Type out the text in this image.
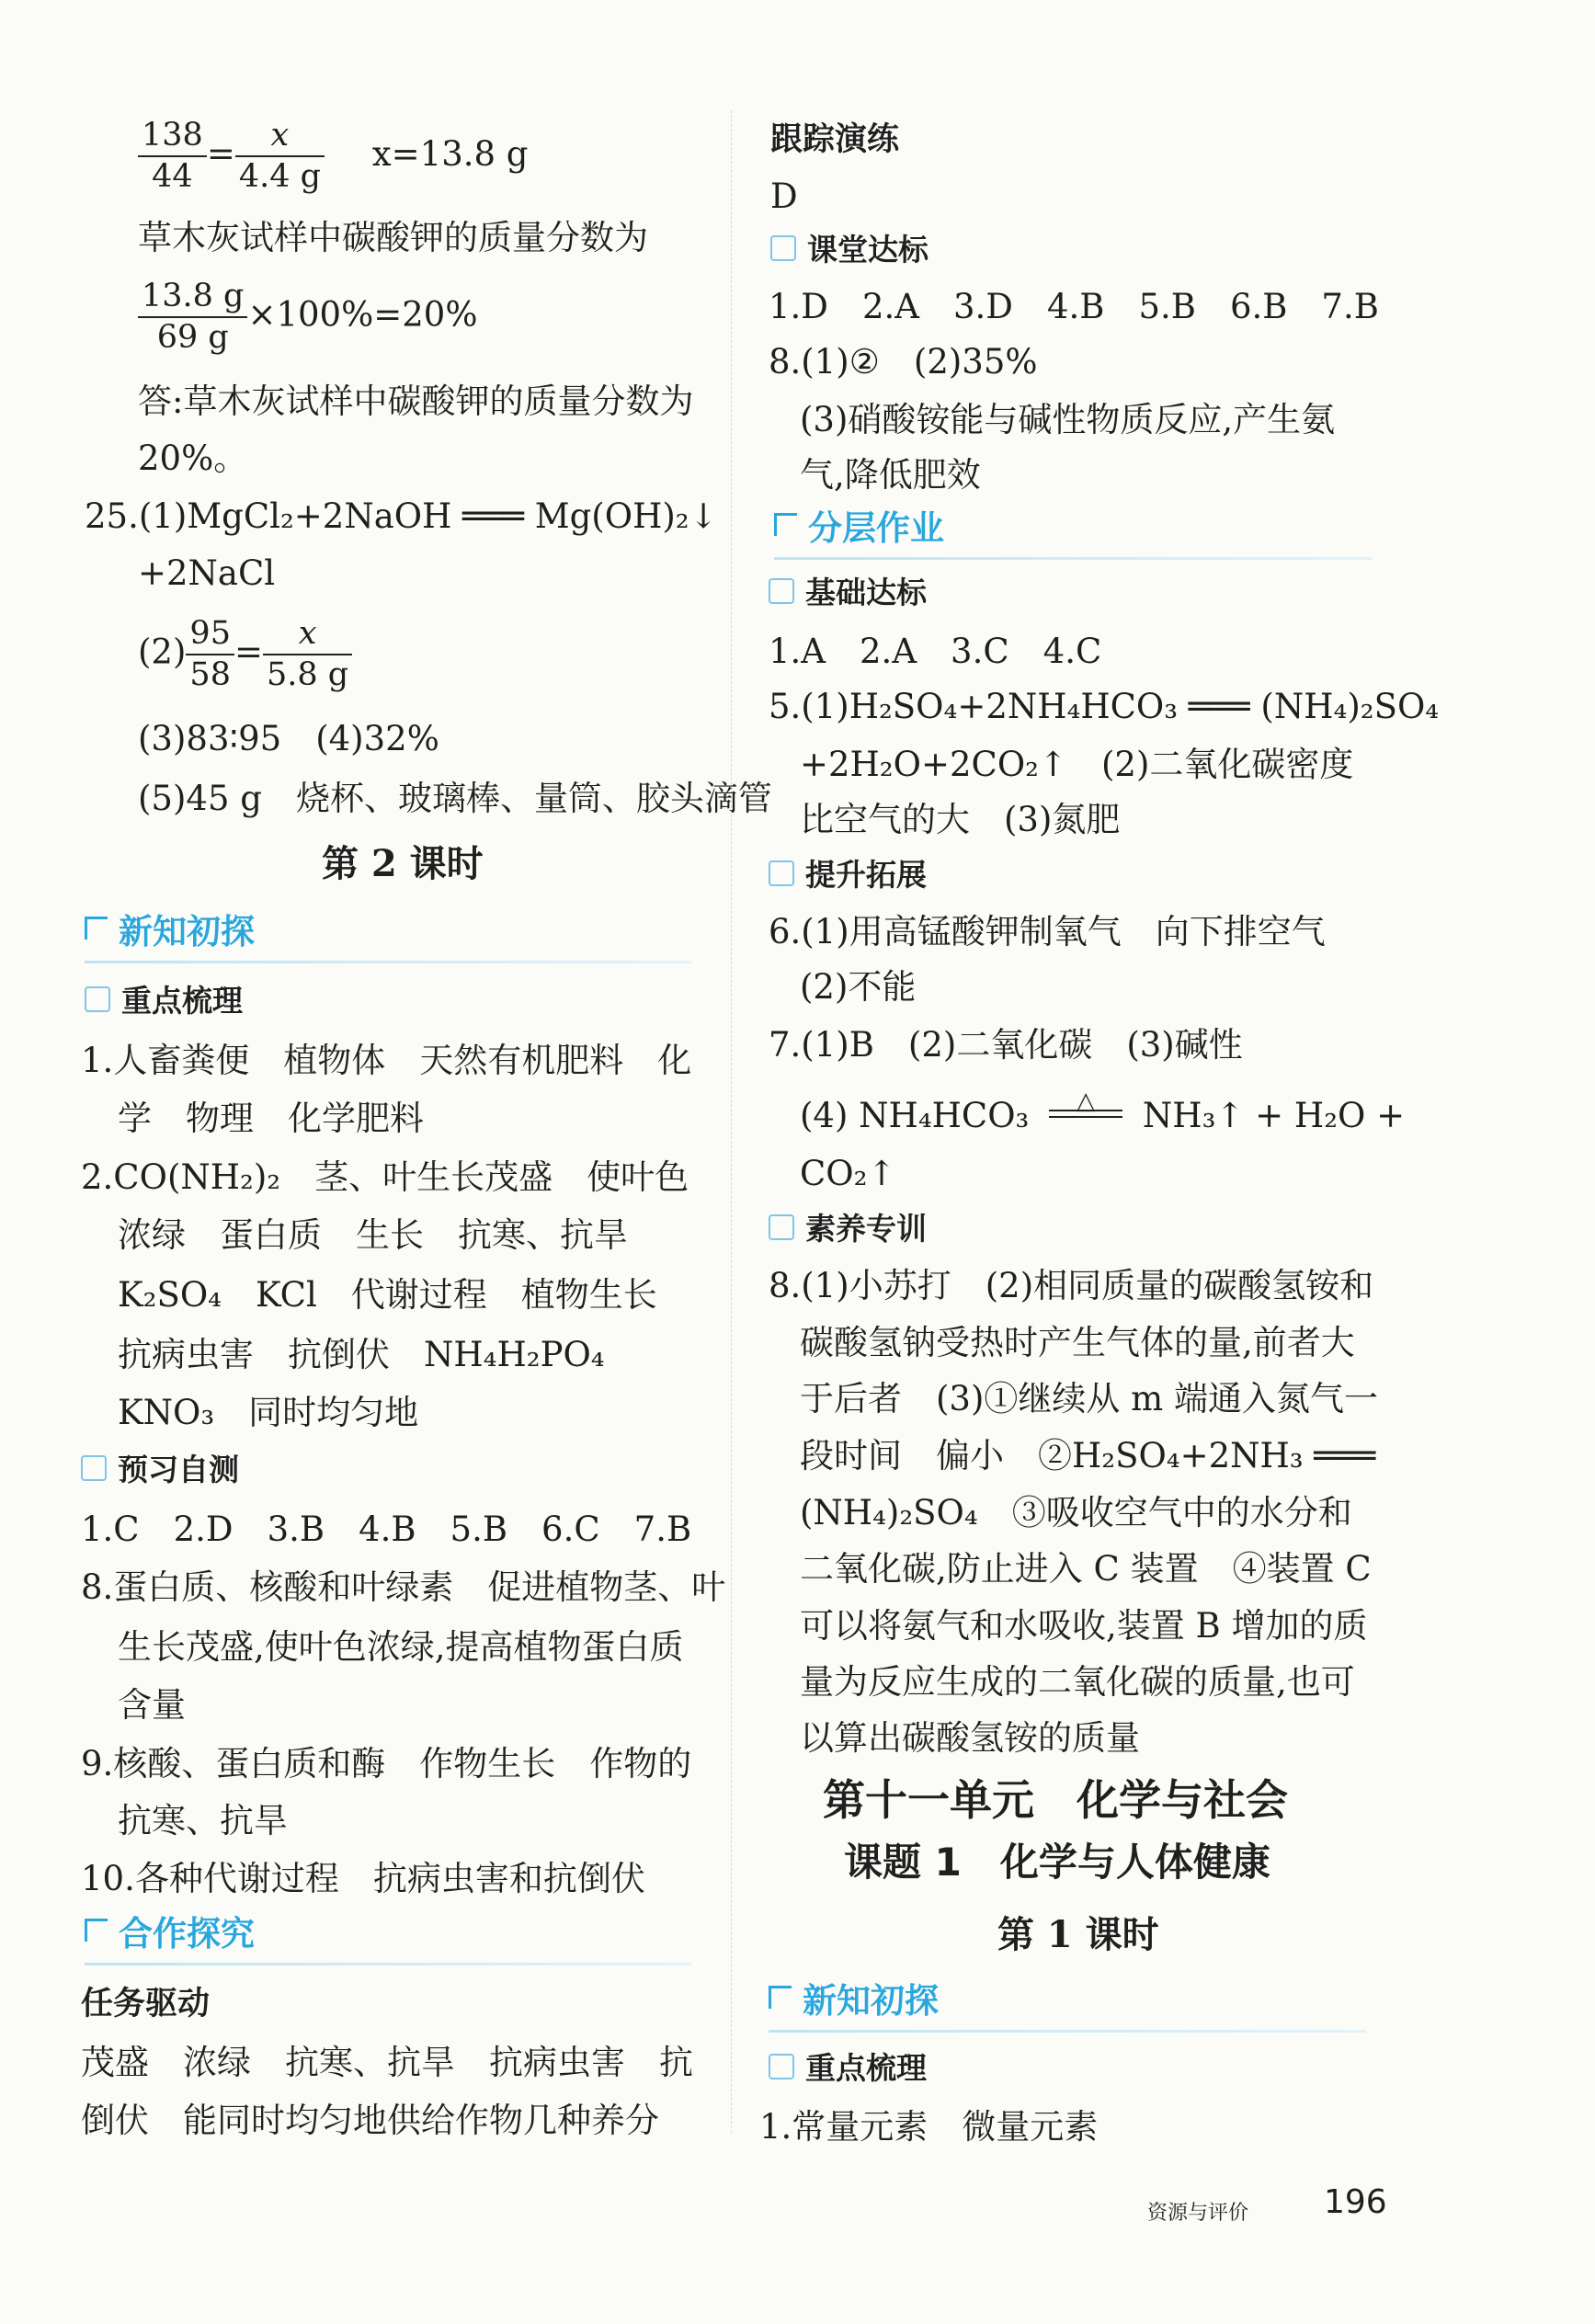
$\frac{138}{44} = \frac{x}{4.4 g} x=13.8$ g
草木灰试样中碳酸钾的质量分数为
$\frac{13.8 g}{69 g} \times 100\%=20\%$
答:草木灰试样中碳酸钾的质量分数为
20%。
25.(1)MgCl₂+2NaOH ═══ Mg(OH)₂↓
+2NaCl
$(2) \frac{95}{58} = \frac{x}{5.8 g}$
(3)83∶95　(4)32%
(5)45 g　烧杯、玻璃棒、量筒、胶头滴管
第 2 课时
新知初探
重点梳理
1.人畜粪便　植物体　天然有机肥料　化
学　物理　化学肥料
2.CO(NH₂)₂　茎、叶生长茂盛　使叶色
浓绿　蛋白质　生长　抗寒、抗旱
K₂SO₄　KCl　代谢过程　植物生长
抗病虫害　抗倒伏　NH₄H₂PO₄
KNO₃　同时均匀地
预习自测
1.C　2.D　3.B　4.B　5.B　6.C　7.B
8.蛋白质、核酸和叶绿素　促进植物茎、叶
生长茂盛,使叶色浓绿,提高植物蛋白质
含量
9.核酸、蛋白质和酶　作物生长　作物的
抗寒、抗旱
10.各种代谢过程　抗病虫害和抗倒伏
合作探究
任务驱动
茂盛　浓绿　抗寒、抗旱　抗病虫害　抗
倒伏　能同时均匀地供给作物几种养分
跟踪演练
D
课堂达标
1.D　2.A　3.D　4.B　5.B　6.B　7.B
8.(1)②　(2)35%
(3)硝酸铵能与碱性物质反应,产生氨
气,降低肥效
分层作业
基础达标
1.A　2.A　3.C　4.C
5.(1)H₂SO₄+2NH₄HCO₃ ═══ (NH₄)₂SO₄
+2H₂O+2CO₂↑　(2)二氧化碳密度
比空气的大　(3)氮肥
提升拓展
6.(1)用高锰酸钾制氧气　向下排空气
(2)不能
7.(1)B　(2)二氧化碳　(3)碱性
(4) NH₄HCO₃	△	NH₃↑ + H₂O +
CO₂↑
素养专训
8.(1)小苏打　(2)相同质量的碳酸氢铵和
碳酸氢钠受热时产生气体的量,前者大
于后者　(3)①继续从 m 端通入氮气一
段时间　偏小　②H₂SO₄+2NH₃ ═══
(NH₄)₂SO₄　③吸收空气中的水分和
二氧化碳,防止进入 C 装置　④装置 C
可以将氨气和水吸收,装置 B 增加的质
量为反应生成的二氧化碳的质量,也可
以算出碳酸氢铵的质量
第十一单元　化学与社会
课题 1　化学与人体健康
第 1 课时
新知初探
重点梳理
1.常量元素　微量元素
资源与评价 196
